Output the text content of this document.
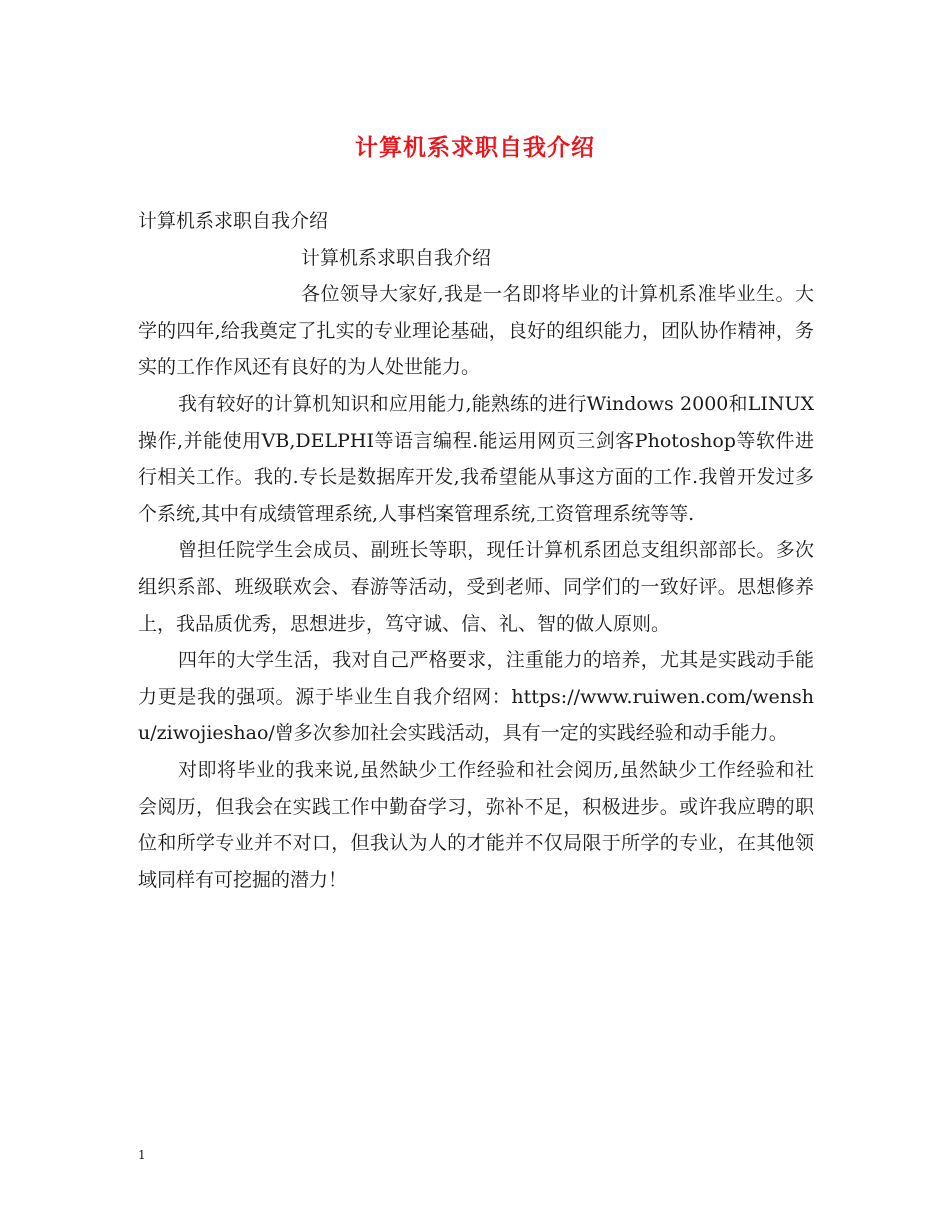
计算机系求职自我介绍

计算机系求职自我介绍

计算机系求职自我介绍

各位领导大家好,我是一名即将毕业的计算机系准毕业生。大学的四年,给我奠定了扎实的专业理论基础，良好的组织能力，团队协作精神，务实的工作作风还有良好的为人处世能力。

我有较好的计算机知识和应用能力,能熟练的进行Windows 2000和LINUX操作,并能使用VB,DELPHI等语言编程.能运用网页三剑客Photoshop等软件进行相关工作。我的.专长是数据库开发,我希望能从事这方面的工作.我曾开发过多个系统,其中有成绩管理系统,人事档案管理系统,工资管理系统等等.

曾担任院学生会成员、副班长等职，现任计算机系团总支组织部部长。多次组织系部、班级联欢会、春游等活动，受到老师、同学们的一致好评。思想修养上，我品质优秀，思想进步，笃守诚、信、礼、智的做人原则。

四年的大学生活，我对自己严格要求，注重能力的培养，尤其是实践动手能力更是我的强项。源于毕业生自我介绍网：https://www.ruiwen.com/wenshu/ziwojieshao/曾多次参加社会实践活动，具有一定的实践经验和动手能力。

对即将毕业的我来说,虽然缺少工作经验和社会阅历,虽然缺少工作经验和社会阅历，但我会在实践工作中勤奋学习，弥补不足，积极进步。或许我应聘的职位和所学专业并不对口，但我认为人的才能并不仅局限于所学的专业，在其他领域同样有可挖掘的潜力！

1
